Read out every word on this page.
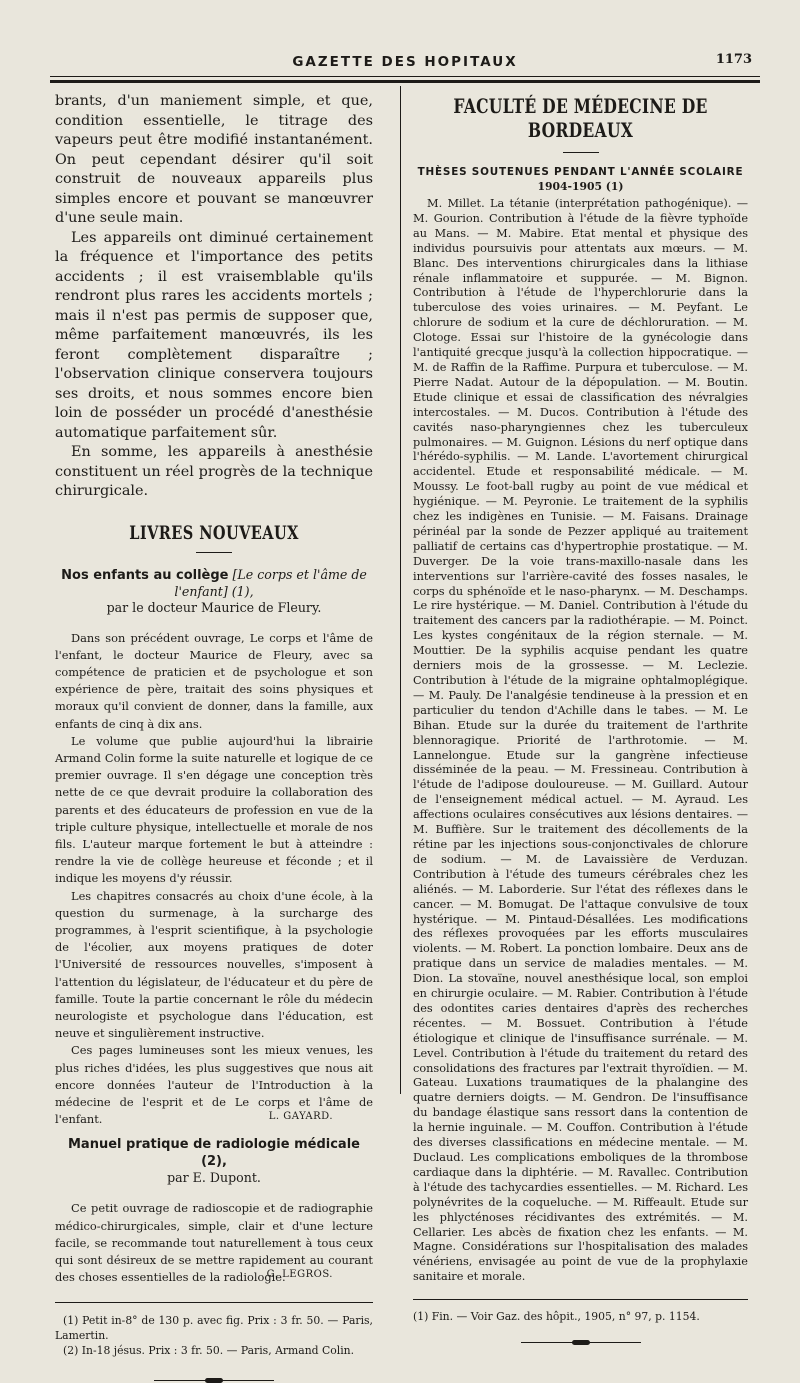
GAZETTE DES HOPITAUX	1173

brants, d'un maniement simple, et que, condition essentielle, le titrage des vapeurs peut être modifié instantanément. On peut cependant désirer qu'il soit construit de nouveaux appareils plus simples encore et pouvant se manœuvrer d'une seule main.

Les appareils ont diminué certainement la fréquence et l'importance des petits accidents ; il est vraisemblable qu'ils rendront plus rares les accidents mortels ; mais il n'est pas permis de supposer que, même parfaitement manœuvrés, ils les feront complètement disparaître ; l'observation clinique conservera toujours ses droits, et nous sommes encore bien loin de posséder un procédé d'anesthésie automatique parfaitement sûr.

En somme, les appareils à anesthésie constituent un réel progrès de la technique chirurgicale.

LIVRES NOUVEAUX
Nos enfants au collège [Le corps et l'âme de l'enfant] (1),
par le docteur Maurice de Fleury.

Dans son précédent ouvrage, Le corps et l'âme de l'enfant, le docteur Maurice de Fleury, avec sa compétence de praticien et de psychologue et son expérience de père, traitait des soins physiques et moraux qu'il convient de donner, dans la famille, aux enfants de cinq à dix ans.

Le volume que publie aujourd'hui la librairie Armand Colin forme la suite naturelle et logique de ce premier ouvrage. Il s'en dégage une conception très nette de ce que devrait produire la collaboration des parents et des éducateurs de profession en vue de la triple culture physique, intellectuelle et morale de nos fils. L'auteur marque fortement le but à atteindre : rendre la vie de collège heureuse et féconde ; et il indique les moyens d'y réussir.

Les chapitres consacrés au choix d'une école, à la question du surmenage, à la surcharge des programmes, à l'esprit scientifique, à la psychologie de l'écolier, aux moyens pratiques de doter l'Université de ressources nouvelles, s'imposent à l'attention du législateur, de l'éducateur et du père de famille. Toute la partie concernant le rôle du médecin neurologiste et psychologue dans l'éducation, est neuve et singulièrement instructive.

Ces pages lumineuses sont les mieux venues, les plus riches d'idées, les plus suggestives que nous ait encore données l'auteur de l'Introduction à la médecine de l'esprit et de Le corps et l'âme de l'enfant.	L. GAYARD.
Manuel pratique de radiologie médicale (2),
par E. Dupont.

Ce petit ouvrage de radioscopie et de radiographie médico-chirurgicales, simple, clair et d'une lecture facile, se recommande tout naturellement à tous ceux qui sont désireux de se mettre rapidement au courant des choses essentielles de la radiologie.

G. LEGROS.

(1) Petit in-8° de 130 p. avec fig. Prix : 3 fr. 50. — Paris, Lamertin.

(2) In-18 jésus. Prix : 3 fr. 50. — Paris, Armand Colin.

FACULTÉ DE MÉDECINE DE BORDEAUX
THÈSES SOUTENUES PENDANT L'ANNÉE SCOLAIRE
1904-1905 (1)

M. Millet. La tétanie (interprétation pathogénique). — M. Gourion. Contribution à l'étude de la fièvre typhoïde au Mans. — M. Mabire. Etat mental et physique des individus poursuivis pour attentats aux mœurs. — M. Blanc. Des interventions chirurgicales dans la lithiase rénale inflammatoire et suppurée. — M. Bignon. Contribution à l'étude de l'hyperchlorurie dans la tuberculose des voies urinaires. — M. Peyfant. Le chlorure de sodium et la cure de déchloruration. — M. Clotoge. Essai sur l'histoire de la gynécologie dans l'antiquité grecque jusqu'à la collection hippocratique. — M. de Raffin de la Raffime. Purpura et tuberculose. — M. Pierre Nadat. Autour de la dépopulation. — M. Boutin. Etude clinique et essai de classification des névralgies intercostales. — M. Ducos. Contribution à l'étude des cavités naso-pharyngiennes chez les tuberculeux pulmonaires. — M. Guignon. Lésions du nerf optique dans l'hérédo-syphilis. — M. Lande. L'avortement chirurgical accidentel. Etude et responsabilité médicale. — M. Moussy. Le foot-ball rugby au point de vue médical et hygiénique. — M. Peyronie. Le traitement de la syphilis chez les indigènes en Tunisie. — M. Faisans. Drainage périnéal par la sonde de Pezzer appliqué au traitement palliatif de certains cas d'hypertrophie prostatique. — M. Duverger. De la voie trans-maxillo-nasale dans les interventions sur l'arrière-cavité des fosses nasales, le corps du sphénoïde et le naso-pharynx. — M. Deschamps. Le rire hystérique. — M. Daniel. Contribution à l'étude du traitement des cancers par la radiothérapie. — M. Poinct. Les kystes congénitaux de la région sternale. — M. Mouttier. De la syphilis acquise pendant les quatre derniers mois de la grossesse. — M. Leclezie. Contribution à l'étude de la migraine ophtalmoplégique. — M. Pauly. De l'analgésie tendineuse à la pression et en particulier du tendon d'Achille dans le tabes. — M. Le Bihan. Etude sur la durée du traitement de l'arthrite blennoragique. Priorité de l'arthrotomie. — M. Lannelongue. Etude sur la gangrène infectieuse disséminée de la peau. — M. Fressineau. Contribution à l'étude de l'adipose douloureuse. — M. Guillard. Autour de l'enseignement médical actuel. — M. Ayraud. Les affections oculaires consécutives aux lésions dentaires. — M. Buffière. Sur le traitement des décollements de la rétine par les injections sous-conjonctivales de chlorure de sodium. — M. de Lavaissière de Verduzan. Contribution à l'étude des tumeurs cérébrales chez les aliénés. — M. Laborderie. Sur l'état des réflexes dans le cancer. — M. Bomugat. De l'attaque convulsive de toux hystérique. — M. Pintaud-Désallées. Les modifications des réflexes provoquées par les efforts musculaires violents. — M. Robert. La ponction lombaire. Deux ans de pratique dans un service de maladies mentales. — M. Dion. La stovaïne, nouvel anesthésique local, son emploi en chirurgie oculaire. — M. Rabier. Contribution à l'étude des odontites caries dentaires d'après des recherches récentes. — M. Bossuet. Contribution à l'étude étiologique et clinique de l'insuffisance surrénale. — M. Level. Contribution à l'étude du traitement du retard des consolidations des fractures par l'extrait thyroïdien. — M. Gateau. Luxations traumatiques de la phalangine des quatre derniers doigts. — M. Gendron. De l'insuffisance du bandage élastique sans ressort dans la contention de la hernie inguinale. — M. Couffon. Contribution à l'étude des diverses classifications en médecine mentale. — M. Duclaud. Les complications emboliques de la thrombose cardiaque dans la diphtérie. — M. Ravallec. Contribution à l'étude des tachycardies essentielles. — M. Richard. Les polynévrites de la coqueluche. — M. Riffeault. Etude sur les phlycténoses récidivantes des extrémités. — M. Cellarier. Les abcès de fixation chez les enfants. — M. Magne. Considérations sur l'hospitalisation des malades vénériens, envisagée au point de vue de la prophylaxie sanitaire et morale.

(1) Fin. — Voir Gaz. des hôpit., 1905, n° 97, p. 1154.
